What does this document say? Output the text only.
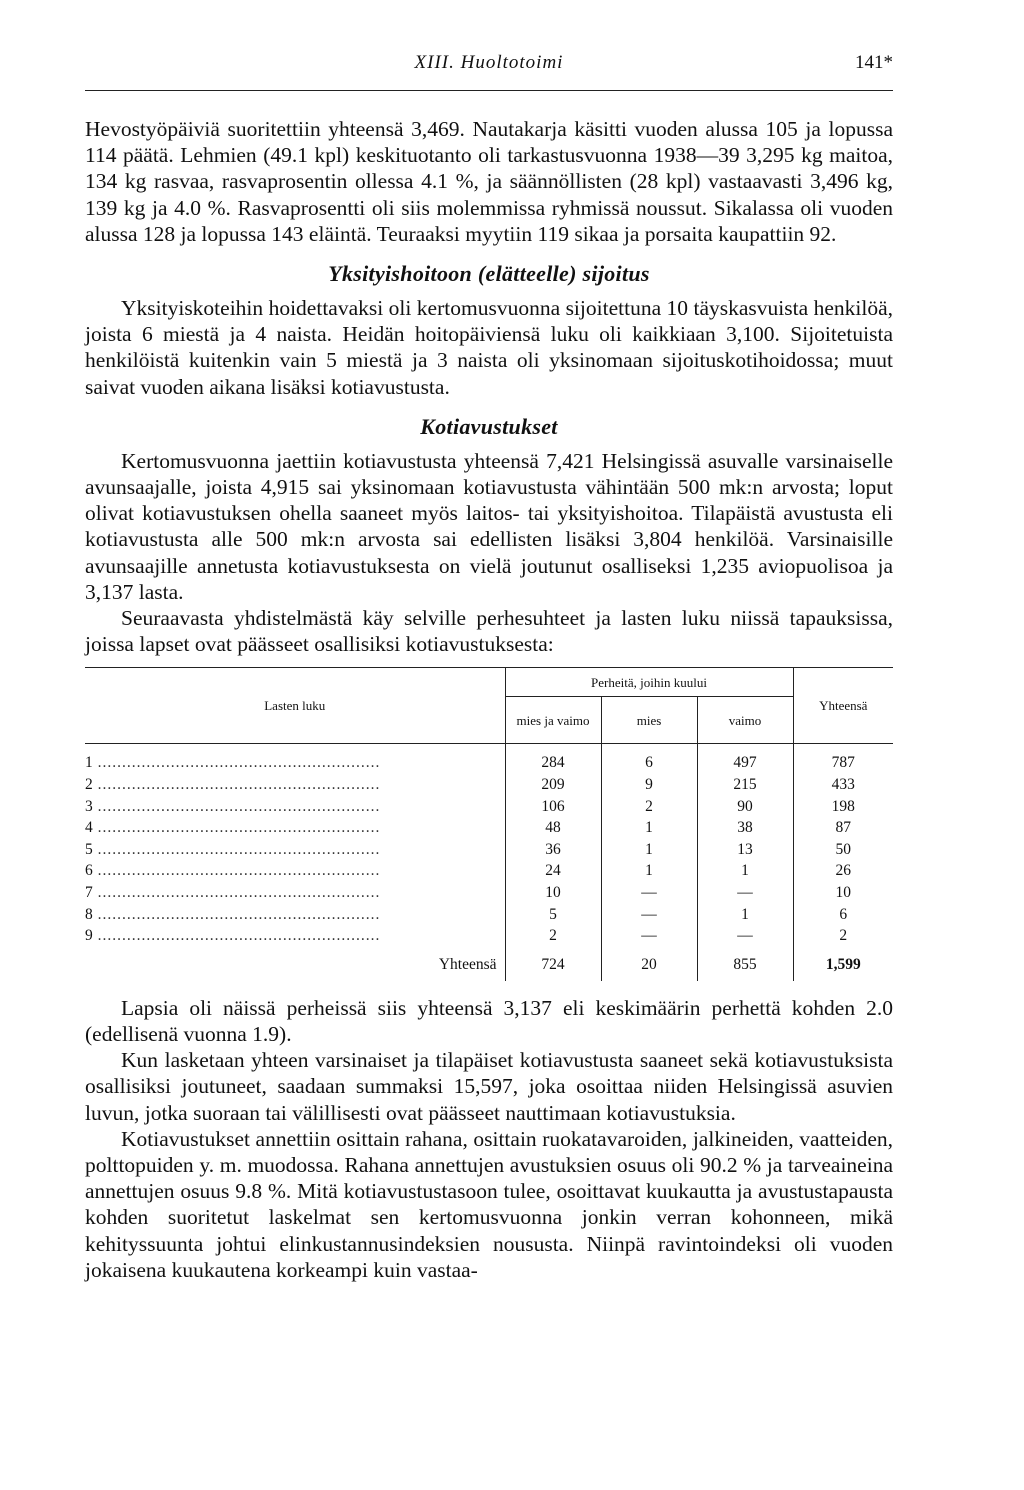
XIII. Huoltotoimi	141*

Hevostyöpäiviä suoritettiin yhteensä 3,469. Nautakarja käsitti vuoden alussa 105 ja lopussa 114 päätä. Lehmien (49.1 kpl) keskituotanto oli tarkastusvuonna 1938—39 3,295 kg maitoa, 134 kg rasvaa, rasvaprosentin ollessa 4.1 %, ja säännöllisten (28 kpl) vastaavasti 3,496 kg, 139 kg ja 4.0 %. Rasvaprosentti oli siis molemmissa ryhmissä noussut. Sikalassa oli vuoden alussa 128 ja lopussa 143 eläintä. Teuraaksi myytiin 119 sikaa ja porsaita kaupattiin 92.

Yksityishoitoon (elätteelle) sijoitus

Yksityiskoteihin hoidettavaksi oli kertomusvuonna sijoitettuna 10 täyskasvuista henkilöä, joista 6 miestä ja 4 naista. Heidän hoitopäiviensä luku oli kaikkiaan 3,100. Sijoitetuista henkilöistä kuitenkin vain 5 miestä ja 3 naista oli yksinomaan sijoituskotihoidossa; muut saivat vuoden aikana lisäksi kotiavustusta.

Kotiavustukset

Kertomusvuonna jaettiin kotiavustusta yhteensä 7,421 Helsingissä asuvalle varsinaiselle avunsaajalle, joista 4,915 sai yksinomaan kotiavustusta vähintään 500 mk:n arvosta; loput olivat kotiavustuksen ohella saaneet myös laitos- tai yksityishoitoa. Tilapäistä avustusta eli kotiavustusta alle 500 mk:n arvosta sai edellisten lisäksi 3,804 henkilöä. Varsinaisille avunsaajille annetusta kotiavustuksesta on vielä joutunut osalliseksi 1,235 aviopuolisoa ja 3,137 lasta.

Seuraavasta yhdistelmästä käy selville perhesuhteet ja lasten luku niissä tapauksissa, joissa lapset ovat päässeet osallisiksi kotiavustuksesta:

Lasten luku	Perheitä, joihin kuului			Yhteensä
	mies ja vaimo	mies	vaimo	
1 ..........................................................	284	6	497	787
2 ..........................................................	209	9	215	433
3 ..........................................................	106	2	90	198
4 ..........................................................	48	1	38	87
5 ..........................................................	36	1	13	50
6 ..........................................................	24	1	1	26
7 ..........................................................	10	—	—	10
8 ..........................................................	5	—	1	6
9 ..........................................................	2	—	—	2
Yhteensä	724	20	855	1,599

Lapsia oli näissä perheissä siis yhteensä 3,137 eli keskimäärin perhettä kohden 2.0 (edellisenä vuonna 1.9).

Kun lasketaan yhteen varsinaiset ja tilapäiset kotiavustusta saaneet sekä kotiavustuksista osallisiksi joutuneet, saadaan summaksi 15,597, joka osoittaa niiden Helsingissä asuvien luvun, jotka suoraan tai välillisesti ovat päässeet nauttimaan kotiavustuksia.

Kotiavustukset annettiin osittain rahana, osittain ruokatavaroiden, jalkineiden, vaatteiden, polttopuiden y. m. muodossa. Rahana annettujen avustuksien osuus oli 90.2 % ja tarveaineina annettujen osuus 9.8 %. Mitä kotiavustustasoon tulee, osoittavat kuukautta ja avustustapausta kohden suoritetut laskelmat sen kertomusvuonna jonkin verran kohonneen, mikä kehityssuunta johtui elinkustannusindeksien noususta. Niinpä ravintoindeksi oli vuoden jokaisena kuukautena korkeampi kuin vastaa-
